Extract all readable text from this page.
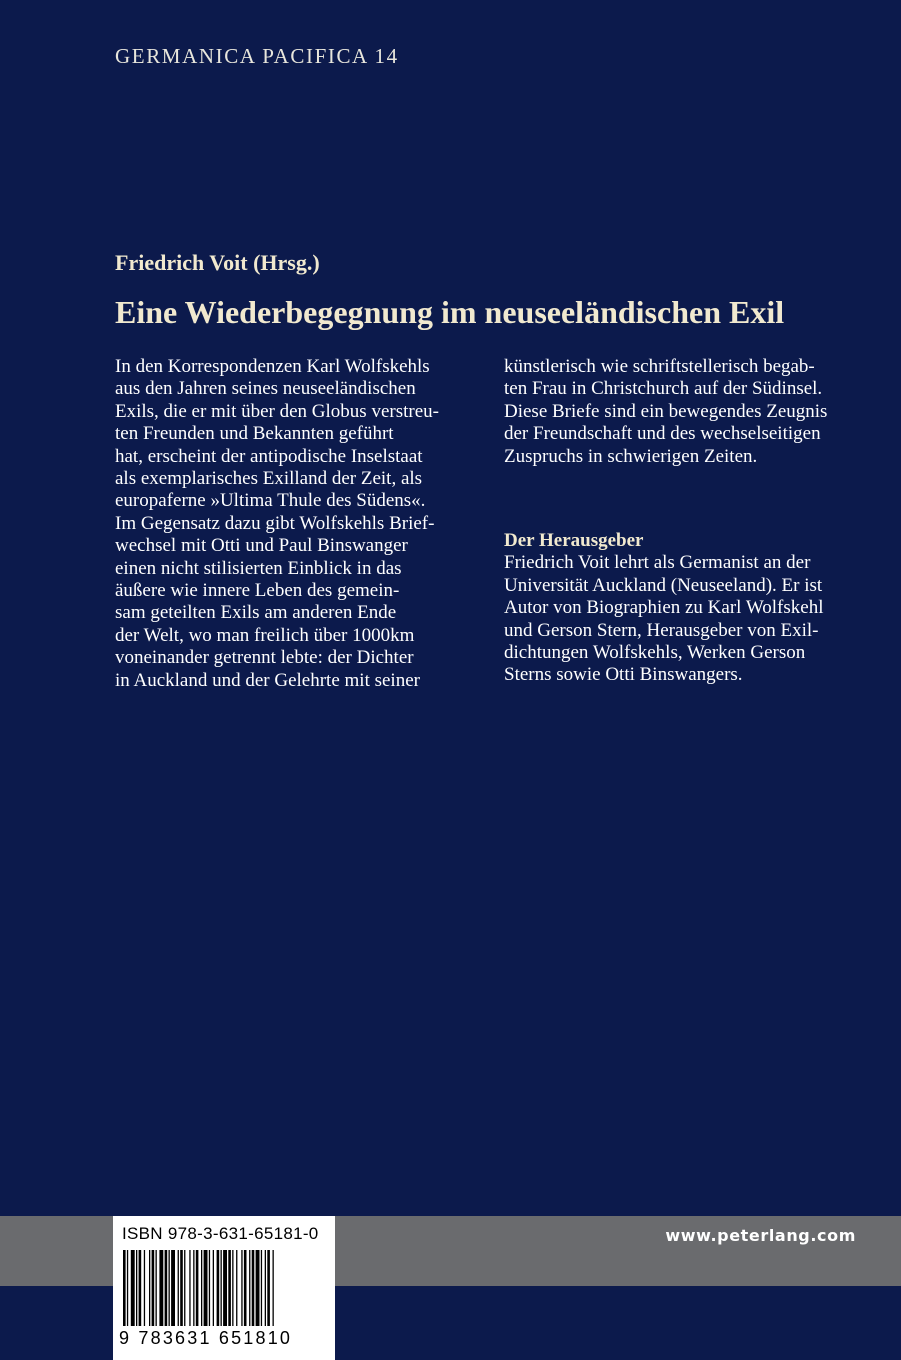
GERMANICA PACIFICA 14
Friedrich Voit (Hrsg.)
Eine Wiederbegegnung im neuseeländischen Exil
In den Korrespondenzen Karl Wolfskehls
aus den Jahren seines neuseeländischen
Exils, die er mit über den Globus verstreu-
ten Freunden und Bekannten geführt
hat, erscheint der antipodische Inselstaat
als exemplarisches Exilland der Zeit, als
europaferne »Ultima Thule des Südens«.
Im Gegensatz dazu gibt Wolfskehls Brief-
wechsel mit Otti und Paul Binswanger
einen nicht stilisierten Einblick in das
äußere wie innere Leben des gemein-
sam geteilten Exils am anderen Ende
der Welt, wo man freilich über 1000km
voneinander getrennt lebte: der Dichter
in Auckland und der Gelehrte mit seiner
künstlerisch wie schriftstellerisch begab-
ten Frau in Christchurch auf der Südinsel.
Diese Briefe sind ein bewegendes Zeugnis
der Freundschaft und des wechselseitigen
Zuspruchs in schwierigen Zeiten.
Der Herausgeber
Friedrich Voit lehrt als Germanist an der
Universität Auckland (Neuseeland). Er ist
Autor von Biographien zu Karl Wolfskehl
und Gerson Stern, Herausgeber von Exil-
dichtungen Wolfskehls, Werken Gerson
Sterns sowie Otti Binswangers.
www.peterlang.com
ISBN 978-3-631-65181-0
9 783631 651810
